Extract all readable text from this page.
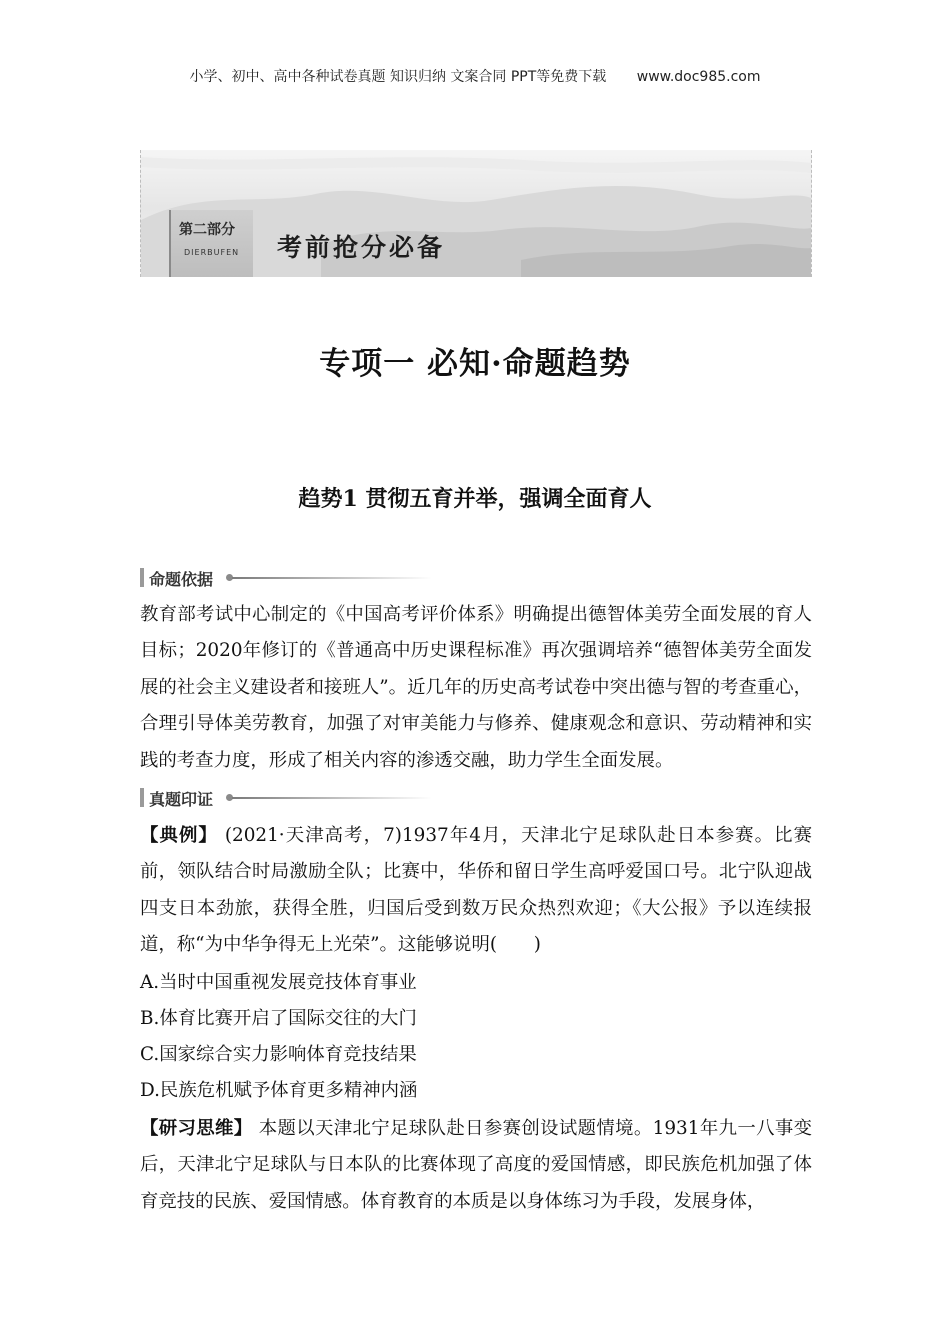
小学、初中、高中各种试卷真题 知识归纳 文案合同 PPT等免费下载 www.doc985.com
第二部分
DIERBUFEN 考前抢分必备
专项一 必知·命题趋势
趋势1 贯彻五育并举，强调全面育人
命题依据

教育部考试中心制定的《中国高考评价体系》明确提出德智体美劳全面发展的育人目标；2020年修订的《普通高中历史课程标准》再次强调培养“德智体美劳全面发展的社会主义建设者和接班人”。近几年的历史高考试卷中突出德与智的考查重心，合理引导体美劳教育，加强了对审美能力与修养、健康观念和意识、劳动精神和实践的考查力度，形成了相关内容的渗透交融，助力学生全面发展。

真题印证

【典例】 (2021·天津高考，7)1937年4月，天津北宁足球队赴日本参赛。比赛前，领队结合时局激励全队；比赛中，华侨和留日学生高呼爱国口号。北宁队迎战四支日本劲旅，获得全胜，归国后受到数万民众热烈欢迎；《大公报》予以连续报道，称“为中华争得无上光荣”。这能够说明(　　)

A.当时中国重视发展竞技体育事业

B.体育比赛开启了国际交往的大门

C.国家综合实力影响体育竞技结果

D.民族危机赋予体育更多精神内涵

【研习思维】 本题以天津北宁足球队赴日参赛创设试题情境。1931年九一八事变后，天津北宁足球队与日本队的比赛体现了高度的爱国情感，即民族危机加强了体育竞技的民族、爱国情感。体育教育的本质是以身体练习为手段，发展身体，
